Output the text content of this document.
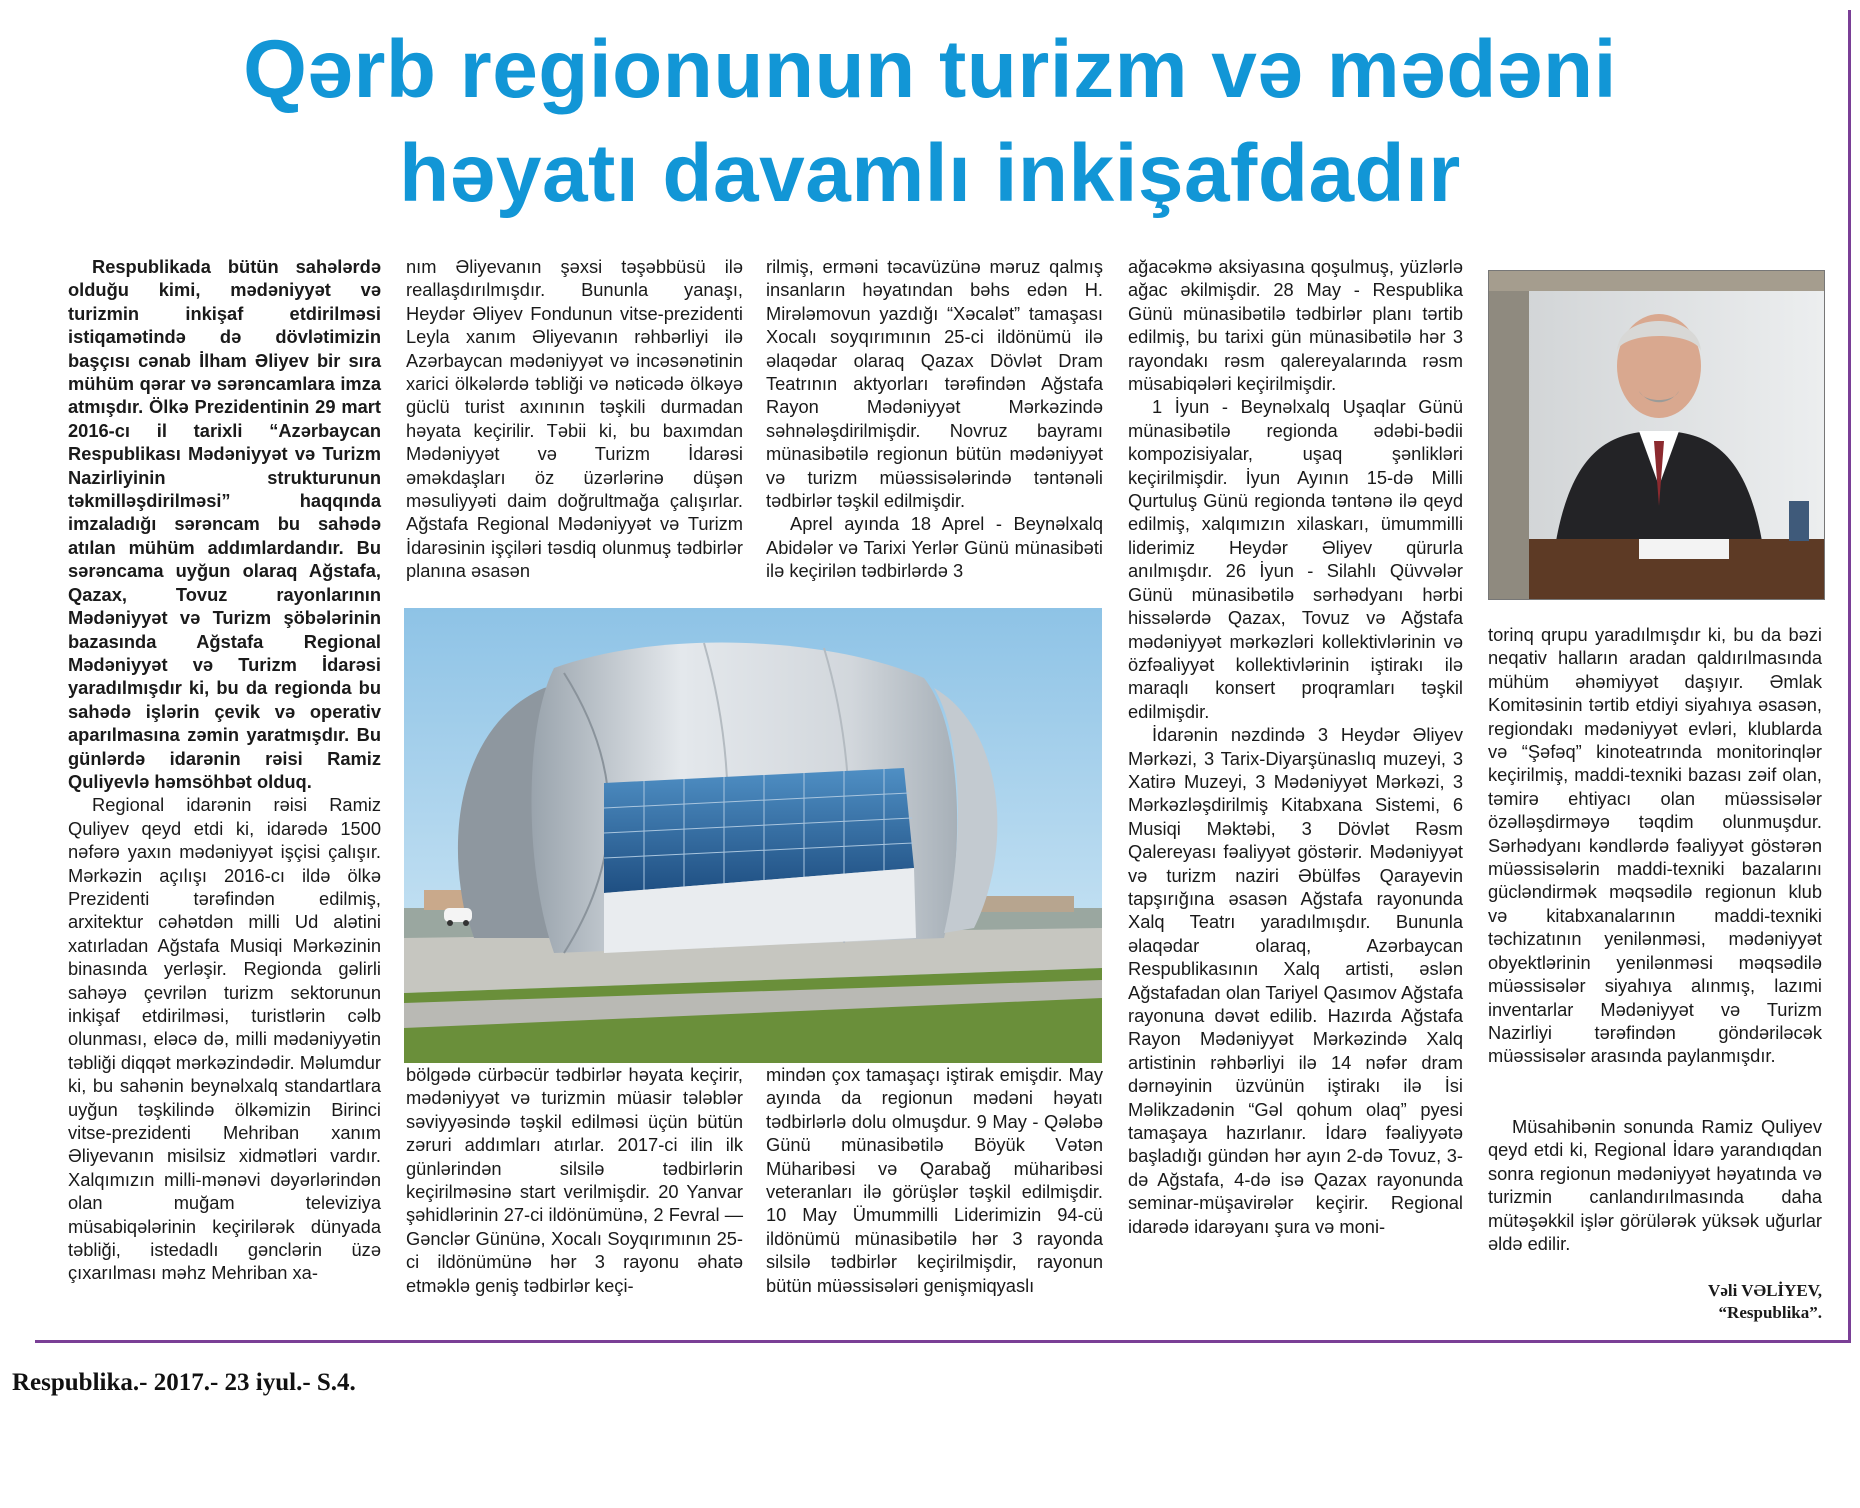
Qərb regionunun turizm və mədəni
həyatı davamlı inkişafdadır

Respublikada bütün sahələrdə olduğu kimi, mədəniyyət və turizmin inkişaf etdirilməsi istiqamətində də dövlətimizin başçısı cənab İlham Əliyev bir sıra mühüm qərar və sərəncamlara imza atmışdır. Ölkə Prezidentinin 29 mart 2016-cı il tarixli “Azərbaycan Respublikası Mədəniyyət və Turizm Nazirliyinin strukturunun təkmilləşdirilməsi” haqqında imzaladığı sərəncam bu sahədə atılan mühüm addımlardandır. Bu sərəncama uyğun olaraq Ağstafa, Qazax, Tovuz rayonlarının Mədəniyyət və Turizm şöbələrinin bazasında Ağstafa Regional Mədəniyyət və Turizm İdarəsi yaradılmışdır ki, bu da regionda bu sahədə işlərin çevik və operativ aparılmasına zəmin yaratmışdır. Bu günlərdə idarənin rəisi Ramiz Quliyevlə həmsöhbət olduq.

Regional idarənin rəisi Ramiz Quliyev qeyd etdi ki, idarədə 1500 nəfərə yaxın mədəniyyət işçisi çalışır. Mərkəzin açılışı 2016-cı ildə ölkə Prezidenti tərəfindən edilmiş, arxitektur cəhətdən milli Ud alətini xatırladan Ağstafa Musiqi Mərkəzinin binasında yerləşir. Regionda gəlirli sahəyə çevrilən turizm sektorunun inkişaf etdirilməsi, turistlərin cəlb olunması, eləcə də, milli mədəniyyətin təbliği diqqət mərkəzindədir. Məlumdur ki, bu sahənin beynəlxalq standartlara uyğun təşkilində ölkəmizin Birinci vitse-prezidenti Mehriban xanım Əliyevanın misilsiz xidmətləri vardır. Xalqımızın milli-mənəvi dəyərlərindən olan muğam televiziya müsabiqələrinin keçirilərək dünyada təbliği, istedadlı gənclərin üzə çıxarılması məhz Mehriban xa-

nım Əliyevanın şəxsi təşəbbüsü ilə reallaşdırılmışdır. Bununla yanaşı, Heydər Əliyev Fondunun vitse-prezidenti Leyla xanım Əliyevanın rəhbərliyi ilə Azərbaycan mədəniyyət və incəsənətinin xarici ölkələrdə təbliği və nəticədə ölkəyə güclü turist axınının təşkili durmadan həyata keçirilir. Təbii ki, bu baxımdan Mədəniyyət və Turizm İdarəsi əməkdaşları öz üzərlərinə düşən məsuliyyəti daim doğrultmağa çalışırlar. Ağstafa Regional Mədəniyyət və Turizm İdarəsinin işçiləri təsdiq olunmuş tədbirlər planına əsasən

bölgədə cürbəcür tədbirlər həyata keçirir, mədəniyyət və turizmin müasir tələblər səviyyəsində təşkil edilməsi üçün bütün zəruri addımları atırlar. 2017-ci ilin ilk günlərindən silsilə tədbirlərin keçirilməsinə start verilmişdir. 20 Yanvar şəhidlərinin 27-ci ildönümünə, 2 Fevral — Gənclər Gününə, Xocalı Soyqırımının 25-ci ildönümünə hər 3 rayonu əhatə etməklə geniş tədbirlər keçi-

rilmiş, erməni təcavüzünə məruz qalmış insanların həyatından bəhs edən H. Mirələmovun yazdığı “Xəcalət” tamaşası Xocalı soyqırımının 25-ci ildönümü ilə əlaqədar olaraq Qazax Dövlət Dram Teatrının aktyorları tərəfindən Ağstafa Rayon Mədəniyyət Mərkəzində səhnələşdirilmişdir. Novruz bayramı münasibətilə regionun bütün mədəniyyət və turizm müəssisələrində təntənəli tədbirlər təşkil edilmişdir.

Aprel ayında 18 Aprel - Beynəlxalq Abidələr və Tarixi Yerlər Günü münasibəti ilə keçirilən tədbirlərdə 3

mindən çox tamaşaçı iştirak emişdir. May ayında da regionun mədəni həyatı tədbirlərlə dolu olmuşdur. 9 May - Qələbə Günü münasibətilə Böyük Vətən Müharibəsi və Qarabağ müharibəsi veteranları ilə görüşlər təşkil edilmişdir. 10 May Ümummilli Liderimizin 94-cü ildönümü münasibətilə hər 3 rayonda silsilə tədbirlər keçirilmişdir, rayonun bütün müəssisələri genişmiqyaslı

ağacəkmə aksiyasına qoşulmuş, yüzlərlə ağac əkilmişdir. 28 May - Respublika Günü münasibətilə tədbirlər planı tərtib edilmiş, bu tarixi gün münasibətilə hər 3 rayondakı rəsm qalereyalarında rəsm müsabiqələri keçirilmişdir.

1 İyun - Beynəlxalq Uşaqlar Günü münasibətilə regionda ədəbi-bədii kompozisiyalar, uşaq şənlikləri keçirilmişdir. İyun Ayının 15-də Milli Qurtuluş Günü regionda təntənə ilə qeyd edilmiş, xalqımızın xilaskarı, ümummilli liderimiz Heydər Əliyev qürurla anılmışdır. 26 İyun - Silahlı Qüvvələr Günü münasibətilə sərhədyanı hərbi hissələrdə Qazax, Tovuz və Ağstafa mədəniyyət mərkəzləri kollektivlərinin və özfəaliyyət kollektivlərinin iştirakı ilə maraqlı konsert proqramları təşkil edilmişdir.

İdarənin nəzdində 3 Heydər Əliyev Mərkəzi, 3 Tarix-Diyarşünaslıq muzeyi, 3 Xatirə Muzeyi, 3 Mədəniyyət Mərkəzi, 3 Mərkəzləşdirilmiş Kitabxana Sistemi, 6 Musiqi Məktəbi, 3 Dövlət Rəsm Qalereyası fəaliyyət göstərir. Mədəniyyət və turizm naziri Əbülfəs Qarayevin tapşırığına əsasən Ağstafa rayonunda Xalq Teatrı yaradılmışdır. Bununla əlaqədar olaraq, Azərbaycan Respublikasının Xalq artisti, əslən Ağstafadan olan Tariyel Qasımov Ağstafa rayonuna dəvət edilib. Hazırda Ağstafa Rayon Mədəniyyət Mərkəzində Xalq artistinin rəhbərliyi ilə 14 nəfər dram dərnəyinin üzvünün iştirakı ilə İsi Məlikzadənin “Gəl qohum olaq” pyesi tamaşaya hazırlanır. İdarə fəaliyyətə başladığı gündən hər ayın 2-də Tovuz, 3-də Ağstafa, 4-də isə Qazax rayonunda seminar-müşavirələr keçirir. Regional idarədə idarəyanı şura və moni-

torinq qrupu yaradılmışdır ki, bu da bəzi neqativ halların aradan qaldırılmasında mühüm əhəmiyyət daşıyır. Əmlak Komitəsinin tərtib etdiyi siyahıya əsasən, regiondakı mədəniyyət evləri, klublarda və “Şəfəq” kinoteatrında monitorinqlər keçirilmiş, maddi-texniki bazası zəif olan, təmirə ehtiyacı olan müəssisələr özəlləşdirməyə təqdim olunmuşdur. Sərhədyanı kəndlərdə fəaliyyət göstərən müəssisələrin maddi-texniki bazalarını gücləndirmək məqsədilə regionun klub və kitabxanalarının maddi-texniki təchizatının yenilənməsi, mədəniyyət obyektlərinin yenilənməsi məqsədilə müəssisələr siyahıya alınmış, lazımi inventarlar Mədəniyyət və Turizm Nazirliyi tərəfindən göndəriləcək müəssisələr arasında paylanmışdır.

Müsahibənin sonunda Ramiz Quliyev qeyd etdi ki, Regional İdarə yarandıqdan sonra regionun mədəniyyət həyatında və turizmin canlandırılmasında daha mütəşəkkil işlər görülərək yüksək uğurlar əldə edilir.

Vəli VƏLİYEV,
“Respublika”.
Respublika.- 2017.- 23 iyul.- S.4.
